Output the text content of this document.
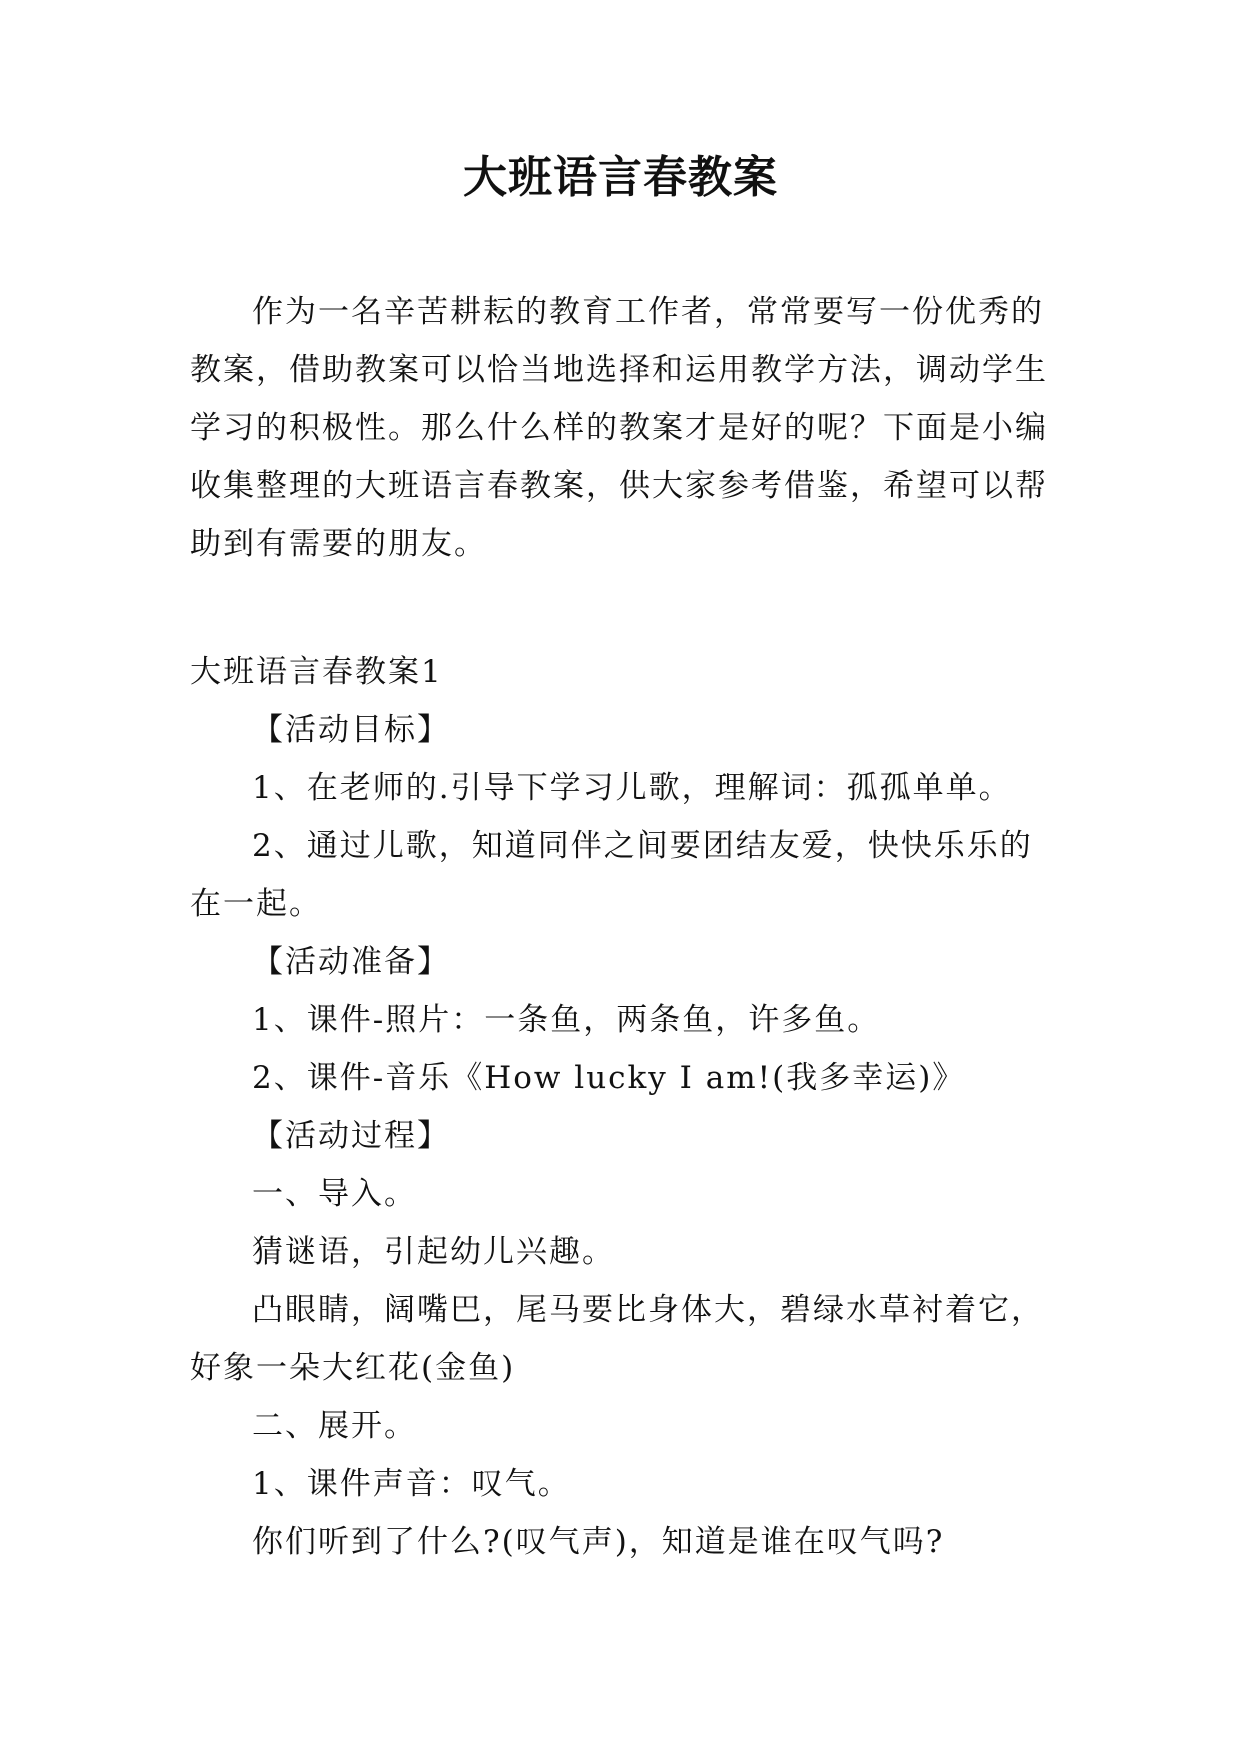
大班语言春教案

作为一名辛苦耕耘的教育工作者，常常要写一份优秀的教案，借助教案可以恰当地选择和运用教学方法，调动学生学习的积极性。那么什么样的教案才是好的呢？下面是小编收集整理的大班语言春教案，供大家参考借鉴，希望可以帮助到有需要的朋友。

大班语言春教案1

【活动目标】

1、在老师的.引导下学习儿歌，理解词：孤孤单单。

2、通过儿歌，知道同伴之间要团结友爱，快快乐乐的在一起。

【活动准备】

1、课件-照片：一条鱼，两条鱼，许多鱼。

2、课件-音乐《How lucky I am!(我多幸运)》

【活动过程】

一、导入。

猜谜语，引起幼儿兴趣。

凸眼睛，阔嘴巴，尾马要比身体大，碧绿水草衬着它，好象一朵大红花(金鱼)

二、展开。

1、课件声音：叹气。

你们听到了什么?(叹气声)，知道是谁在叹气吗?
